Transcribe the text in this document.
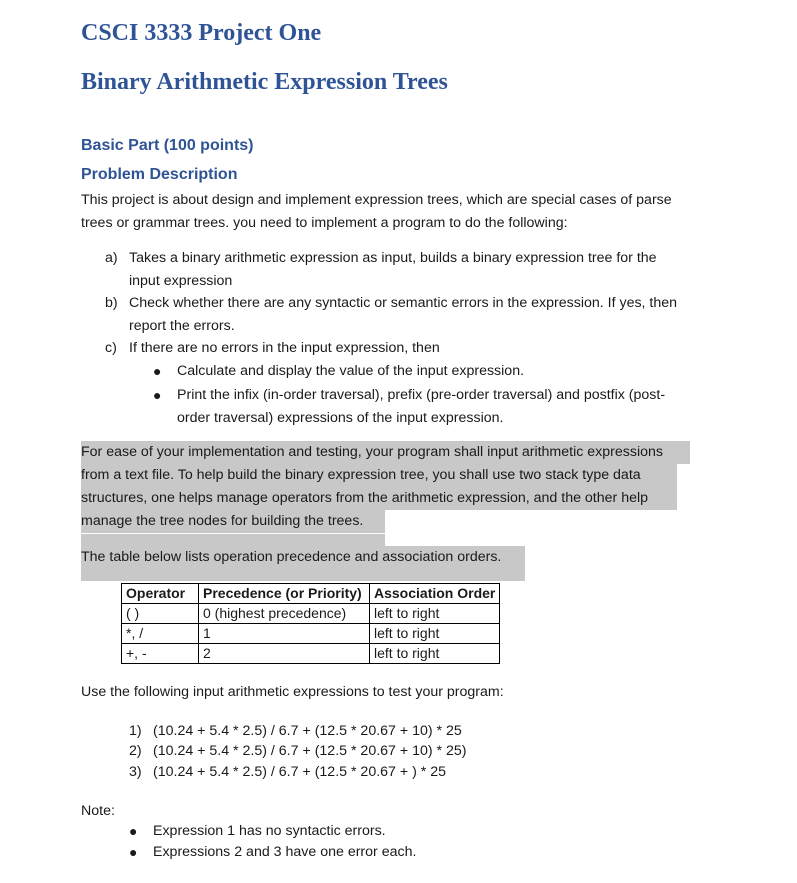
CSCI 3333 Project One
Binary Arithmetic Expression Trees
Basic Part (100 points)
Problem Description
This project is about design and implement expression trees, which are special cases of parse
trees or grammar trees. you need to implement a program to do the following:
a) Takes a binary arithmetic expression as input, builds a binary expression tree for the
input expression
b) Check whether there are any syntactic or semantic errors in the expression. If yes, then
report the errors.
c) If there are no errors in the input expression, then
● Calculate and display the value of the input expression.
● Print the infix (in-order traversal), prefix (pre-order traversal) and postfix (post-
order traversal) expressions of the input expression.
For ease of your implementation and testing, your program shall input arithmetic expressions
from a text file. To help build the binary expression tree, you shall use two stack type data
structures, one helps manage operators from the arithmetic expression, and the other help
manage the tree nodes for building the trees.
The table below lists operation precedence and association orders.
Operator	Precedence (or Priority)	Association Order
( )	0 (highest precedence)	left to right
*, /	1	left to right
+, -	2	left to right
Use the following input arithmetic expressions to test your program:
1) (10.24 + 5.4 * 2.5) / 6.7 + (12.5 * 20.67 + 10) * 25
2) (10.24 + 5.4 * 2.5) / 6.7 + (12.5 * 20.67 + 10) * 25)
3) (10.24 + 5.4 * 2.5) / 6.7 + (12.5 * 20.67 + ) * 25
Note:
● Expression 1 has no syntactic errors.
● Expressions 2 and 3 have one error each.
